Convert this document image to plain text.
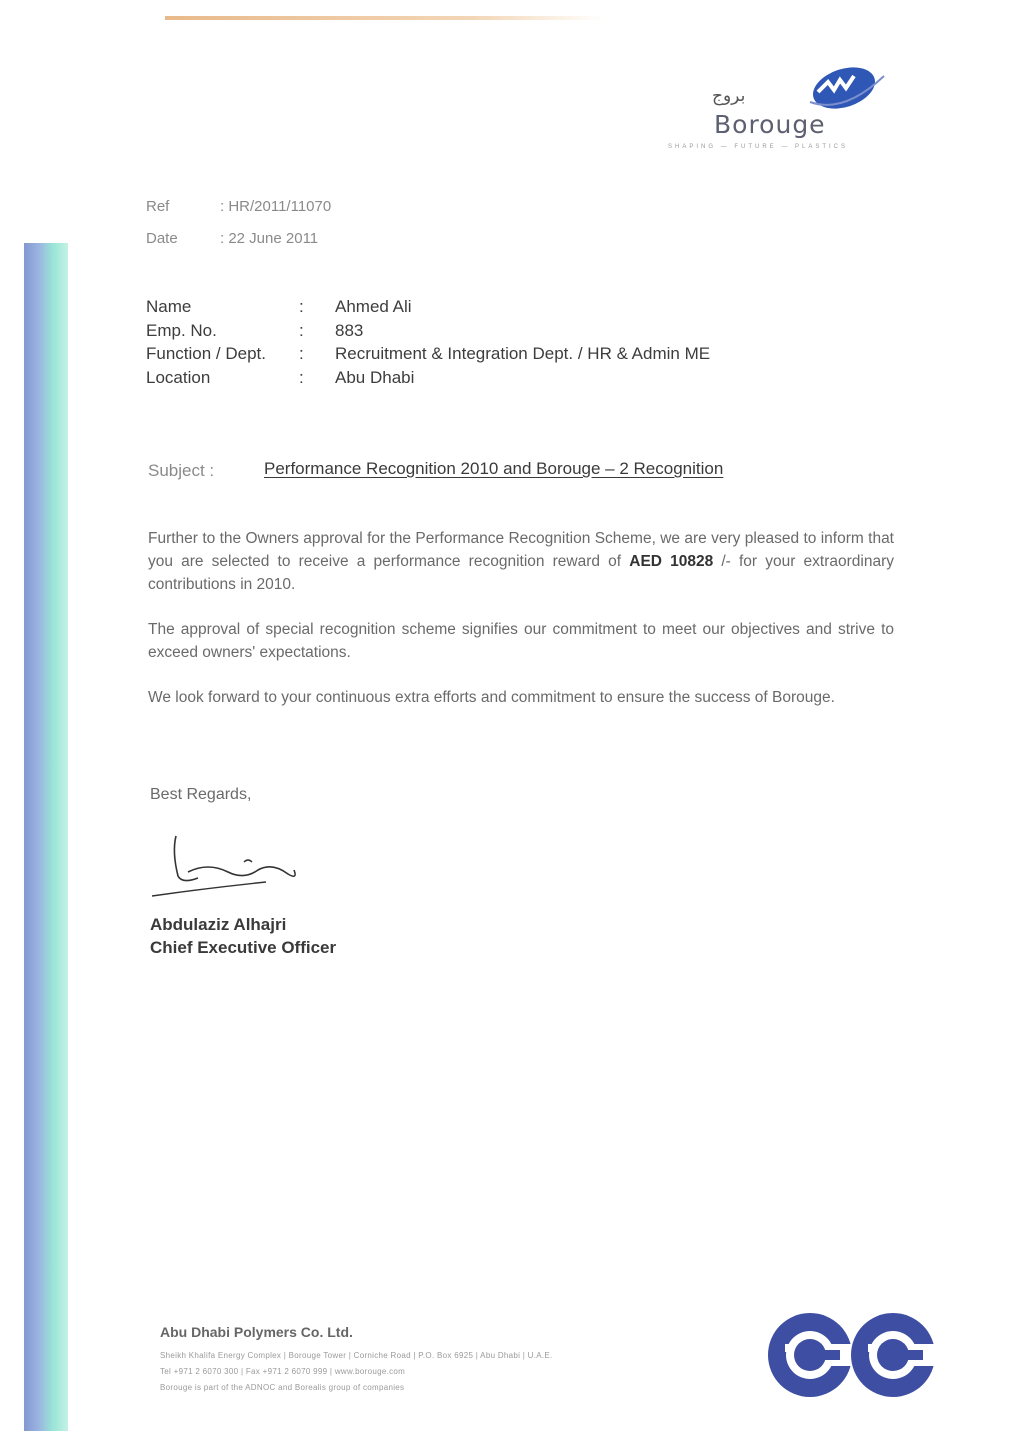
بروج
Borouge
SHAPING — FUTURE — PLASTICS
Ref	: HR/2011/11070
Date	: 22 June 2011
Name	: Ahmed Ali
Emp. No.	: 883
Function / Dept. : Recruitment & Integration Dept. / HR & Admin ME
Location	: Abu Dhabi
Subject :	Performance Recognition 2010 and Borouge – 2 Recognition

Further to the Owners approval for the Performance Recognition Scheme, we are very pleased to inform that you are selected to receive a performance recognition reward of AED 10828 /- for your extraordinary contributions in 2010.

The approval of special recognition scheme signifies our commitment to meet our objectives and strive to exceed owners' expectations.

We look forward to your continuous extra efforts and commitment to ensure the success of Borouge.

Best Regards,
Abdulaziz Alhajri
Chief Executive Officer
Abu Dhabi Polymers Co. Ltd.
Sheikh Khalifa Energy Complex | Borouge Tower | Corniche Road | P.O. Box 6925 | Abu Dhabi | U.A.E.
Tel +971 2 6070 300 | Fax +971 2 6070 999 | www.borouge.com
Borouge is part of the ADNOC and Borealis group of companies
